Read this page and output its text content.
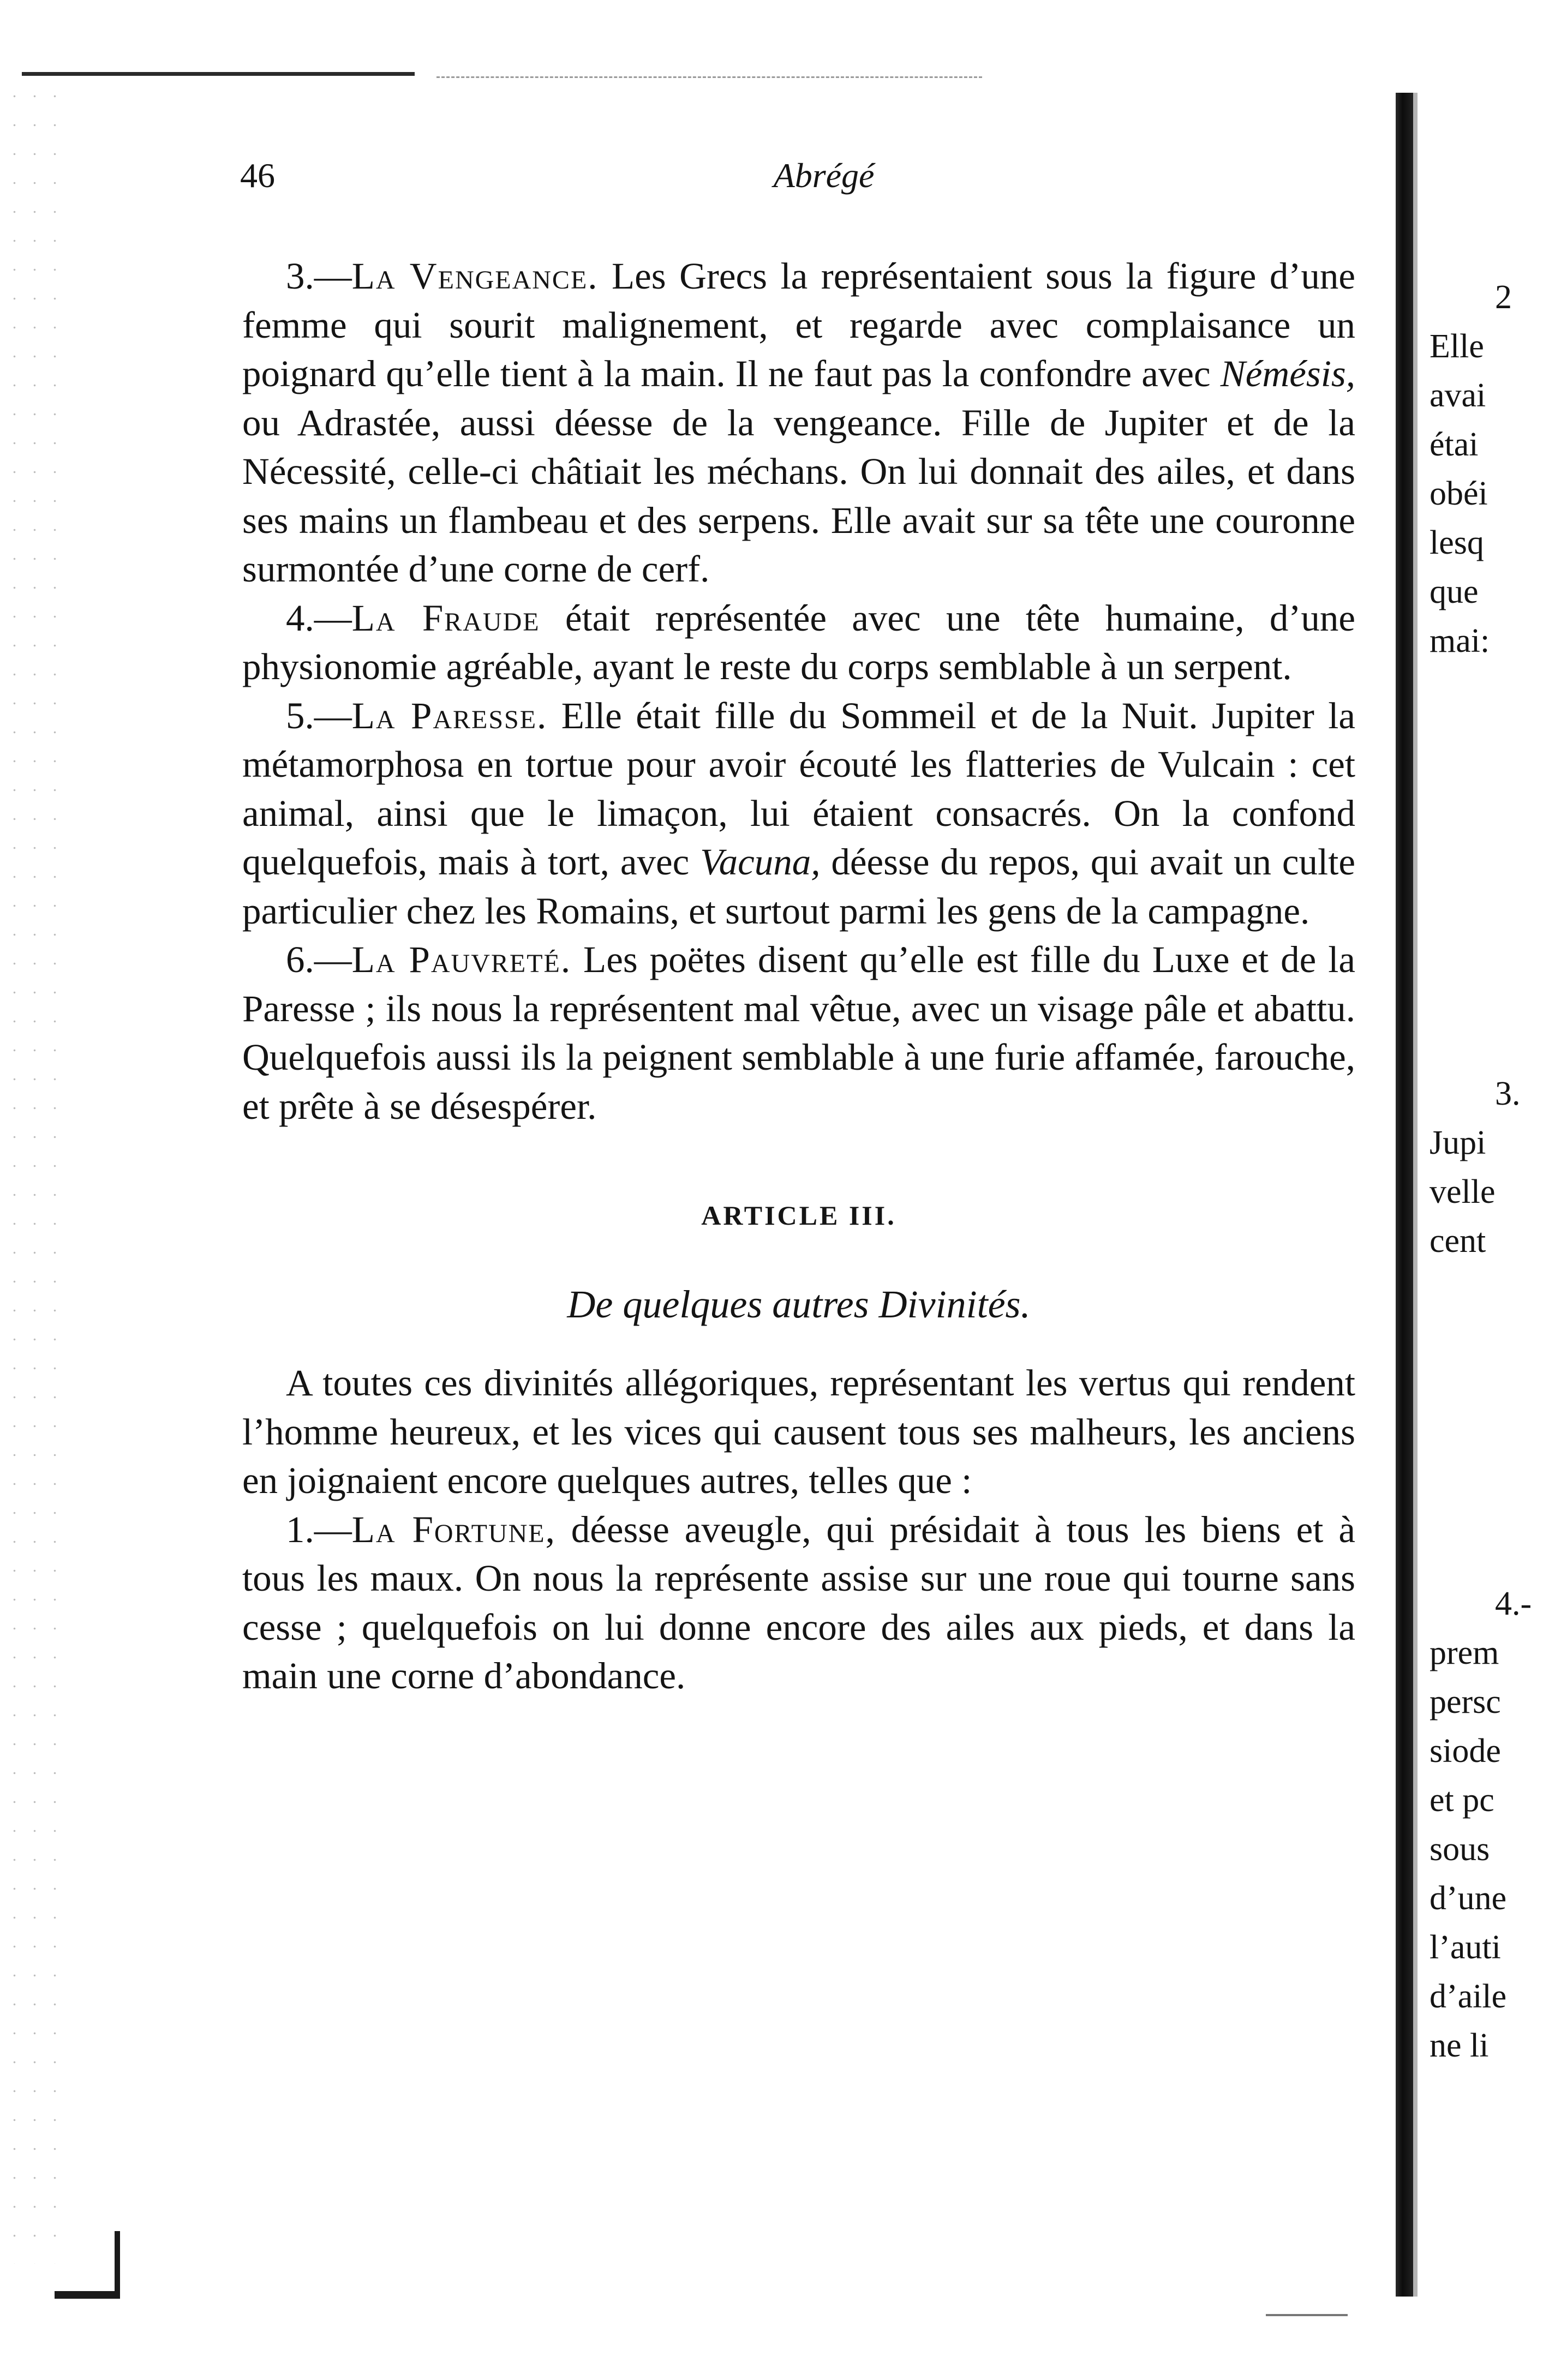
46	Abrégé

3.—La Vengeance. Les Grecs la représentaient sous la figure d’une femme qui sourit malignement, et regarde avec complaisance un poignard qu’elle tient à la main. Il ne faut pas la confondre avec Némésis, ou Adrastée, aussi déesse de la vengeance. Fille de Jupiter et de la Nécessité, celle-ci châtiait les méchans. On lui donnait des ailes, et dans ses mains un flambeau et des serpens. Elle avait sur sa tête une couronne surmontée d’une corne de cerf.

4.—La Fraude était représentée avec une tête humaine, d’une physionomie agréable, ayant le reste du corps semblable à un serpent.

5.—La Paresse. Elle était fille du Sommeil et de la Nuit. Jupiter la métamorphosa en tortue pour avoir écouté les flatteries de Vulcain : cet animal, ainsi que le limaçon, lui étaient consacrés. On la confond quelquefois, mais à tort, avec Vacuna, déesse du repos, qui avait un culte particulier chez les Romains, et surtout parmi les gens de la campagne.

6.—La Pauvreté. Les poëtes disent qu’elle est fille du Luxe et de la Paresse ; ils nous la représentent mal vêtue, avec un visage pâle et abattu. Quelquefois aussi ils la peignent semblable à une furie affamée, farouche, et prête à se désespérer.

ARTICLE III.
De quelques autres Divinités.

A toutes ces divinités allégoriques, représentant les vertus qui rendent l’homme heureux, et les vices qui causent tous ses malheurs, les anciens en joignaient encore quelques autres, telles que :

1.—La Fortune, déesse aveugle, qui présidait à tous les biens et à tous les maux. On nous la représente assise sur une roue qui tourne sans cesse ; quelquefois on lui donne encore des ailes aux pieds, et dans la main une corne d’abondance.

2
Elle
avai
étai
obéi
lesq
que
mai:
3.
Jupi
velle
cent
4.-
prem
persc
siode
et pc
sous
d’une
l’auti
d’aile
ne li
